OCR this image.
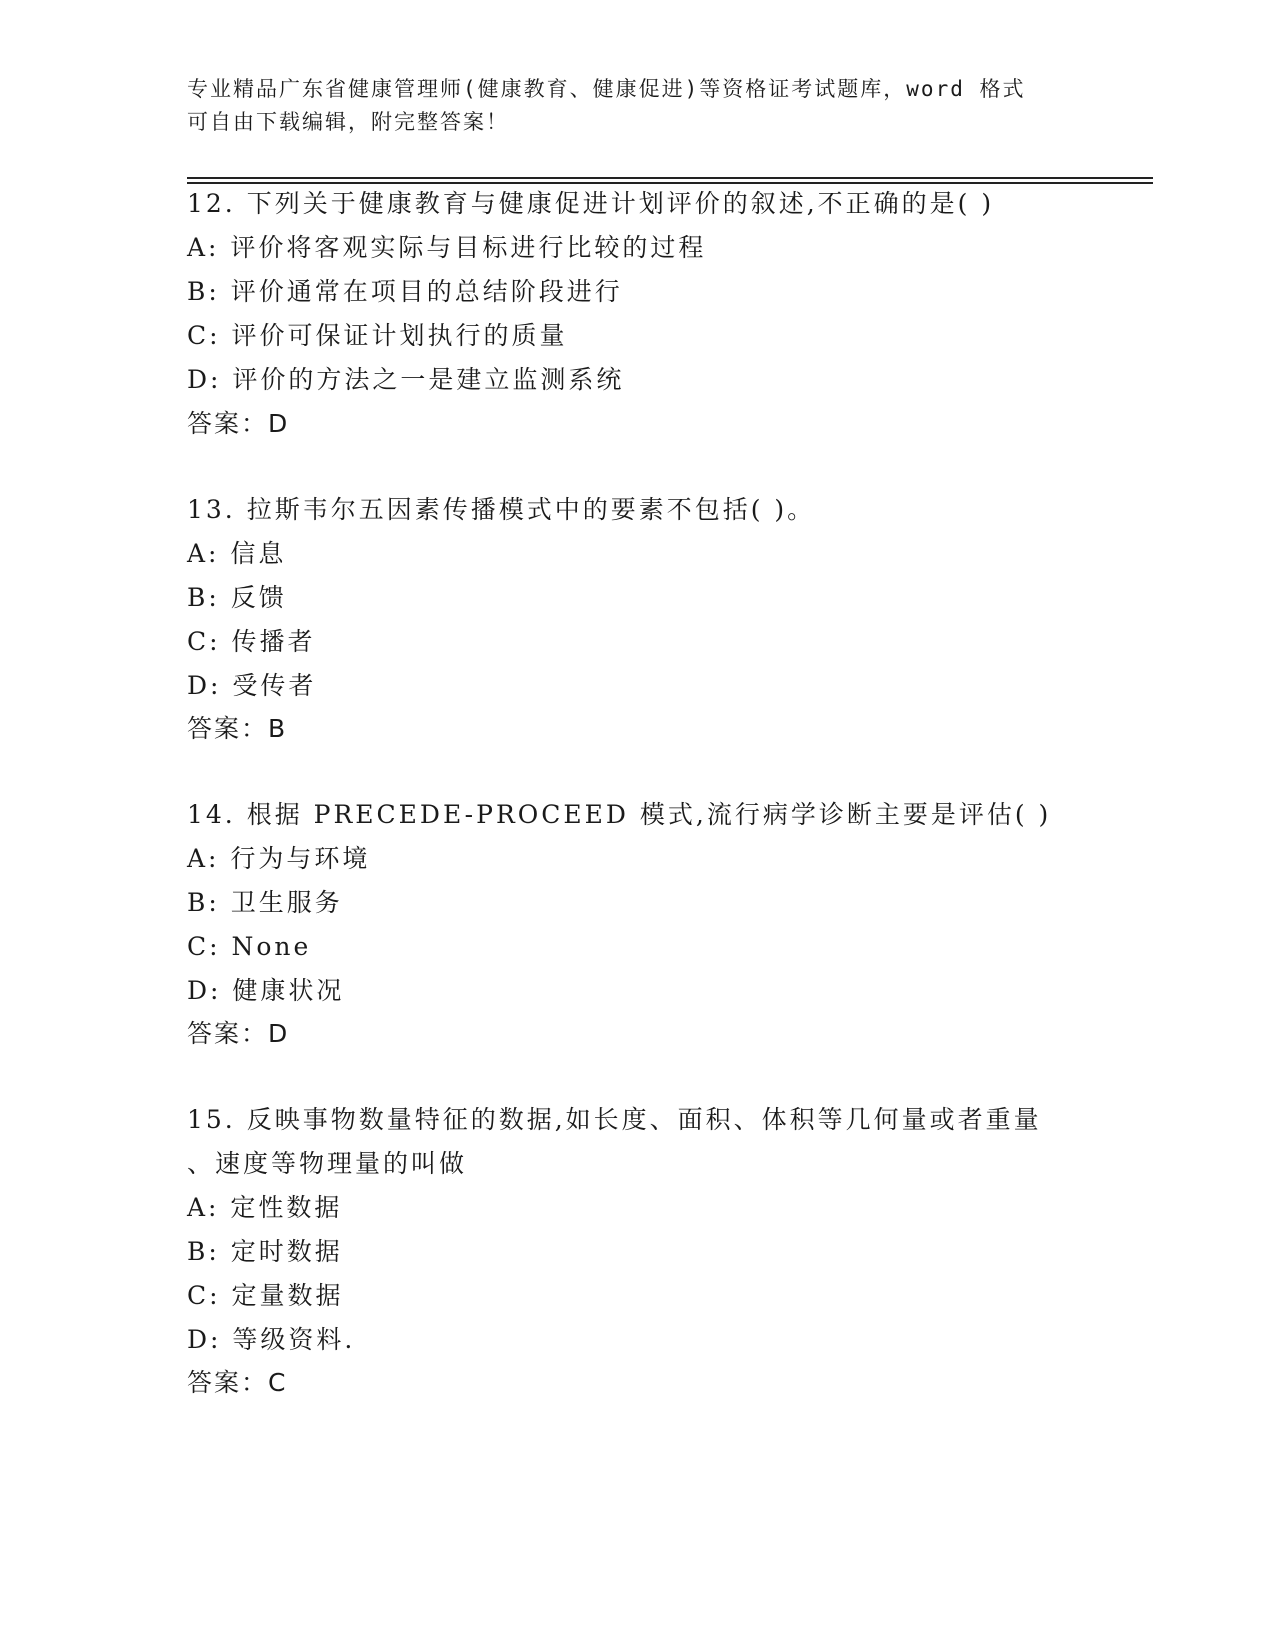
专业精品广东省健康管理师(健康教育、健康促进)等资格证考试题库，word 格式
可自由下载编辑，附完整答案！
12. 下列关于健康教育与健康促进计划评价的叙述,不正确的是( )
A: 评价将客观实际与目标进行比较的过程
B: 评价通常在项目的总结阶段进行
C: 评价可保证计划执行的质量
D: 评价的方法之一是建立监测系统
答案：D
13. 拉斯韦尔五因素传播模式中的要素不包括( )。
A: 信息
B: 反馈
C: 传播者
D: 受传者
答案：B
14. 根据 PRECEDE-PROCEED 模式,流行病学诊断主要是评估( )
A: 行为与环境
B: 卫生服务
C: None
D: 健康状况
答案：D
15. 反映事物数量特征的数据,如长度、面积、体积等几何量或者重量
、速度等物理量的叫做
A: 定性数据
B: 定时数据
C: 定量数据
D: 等级资料.
答案：C
